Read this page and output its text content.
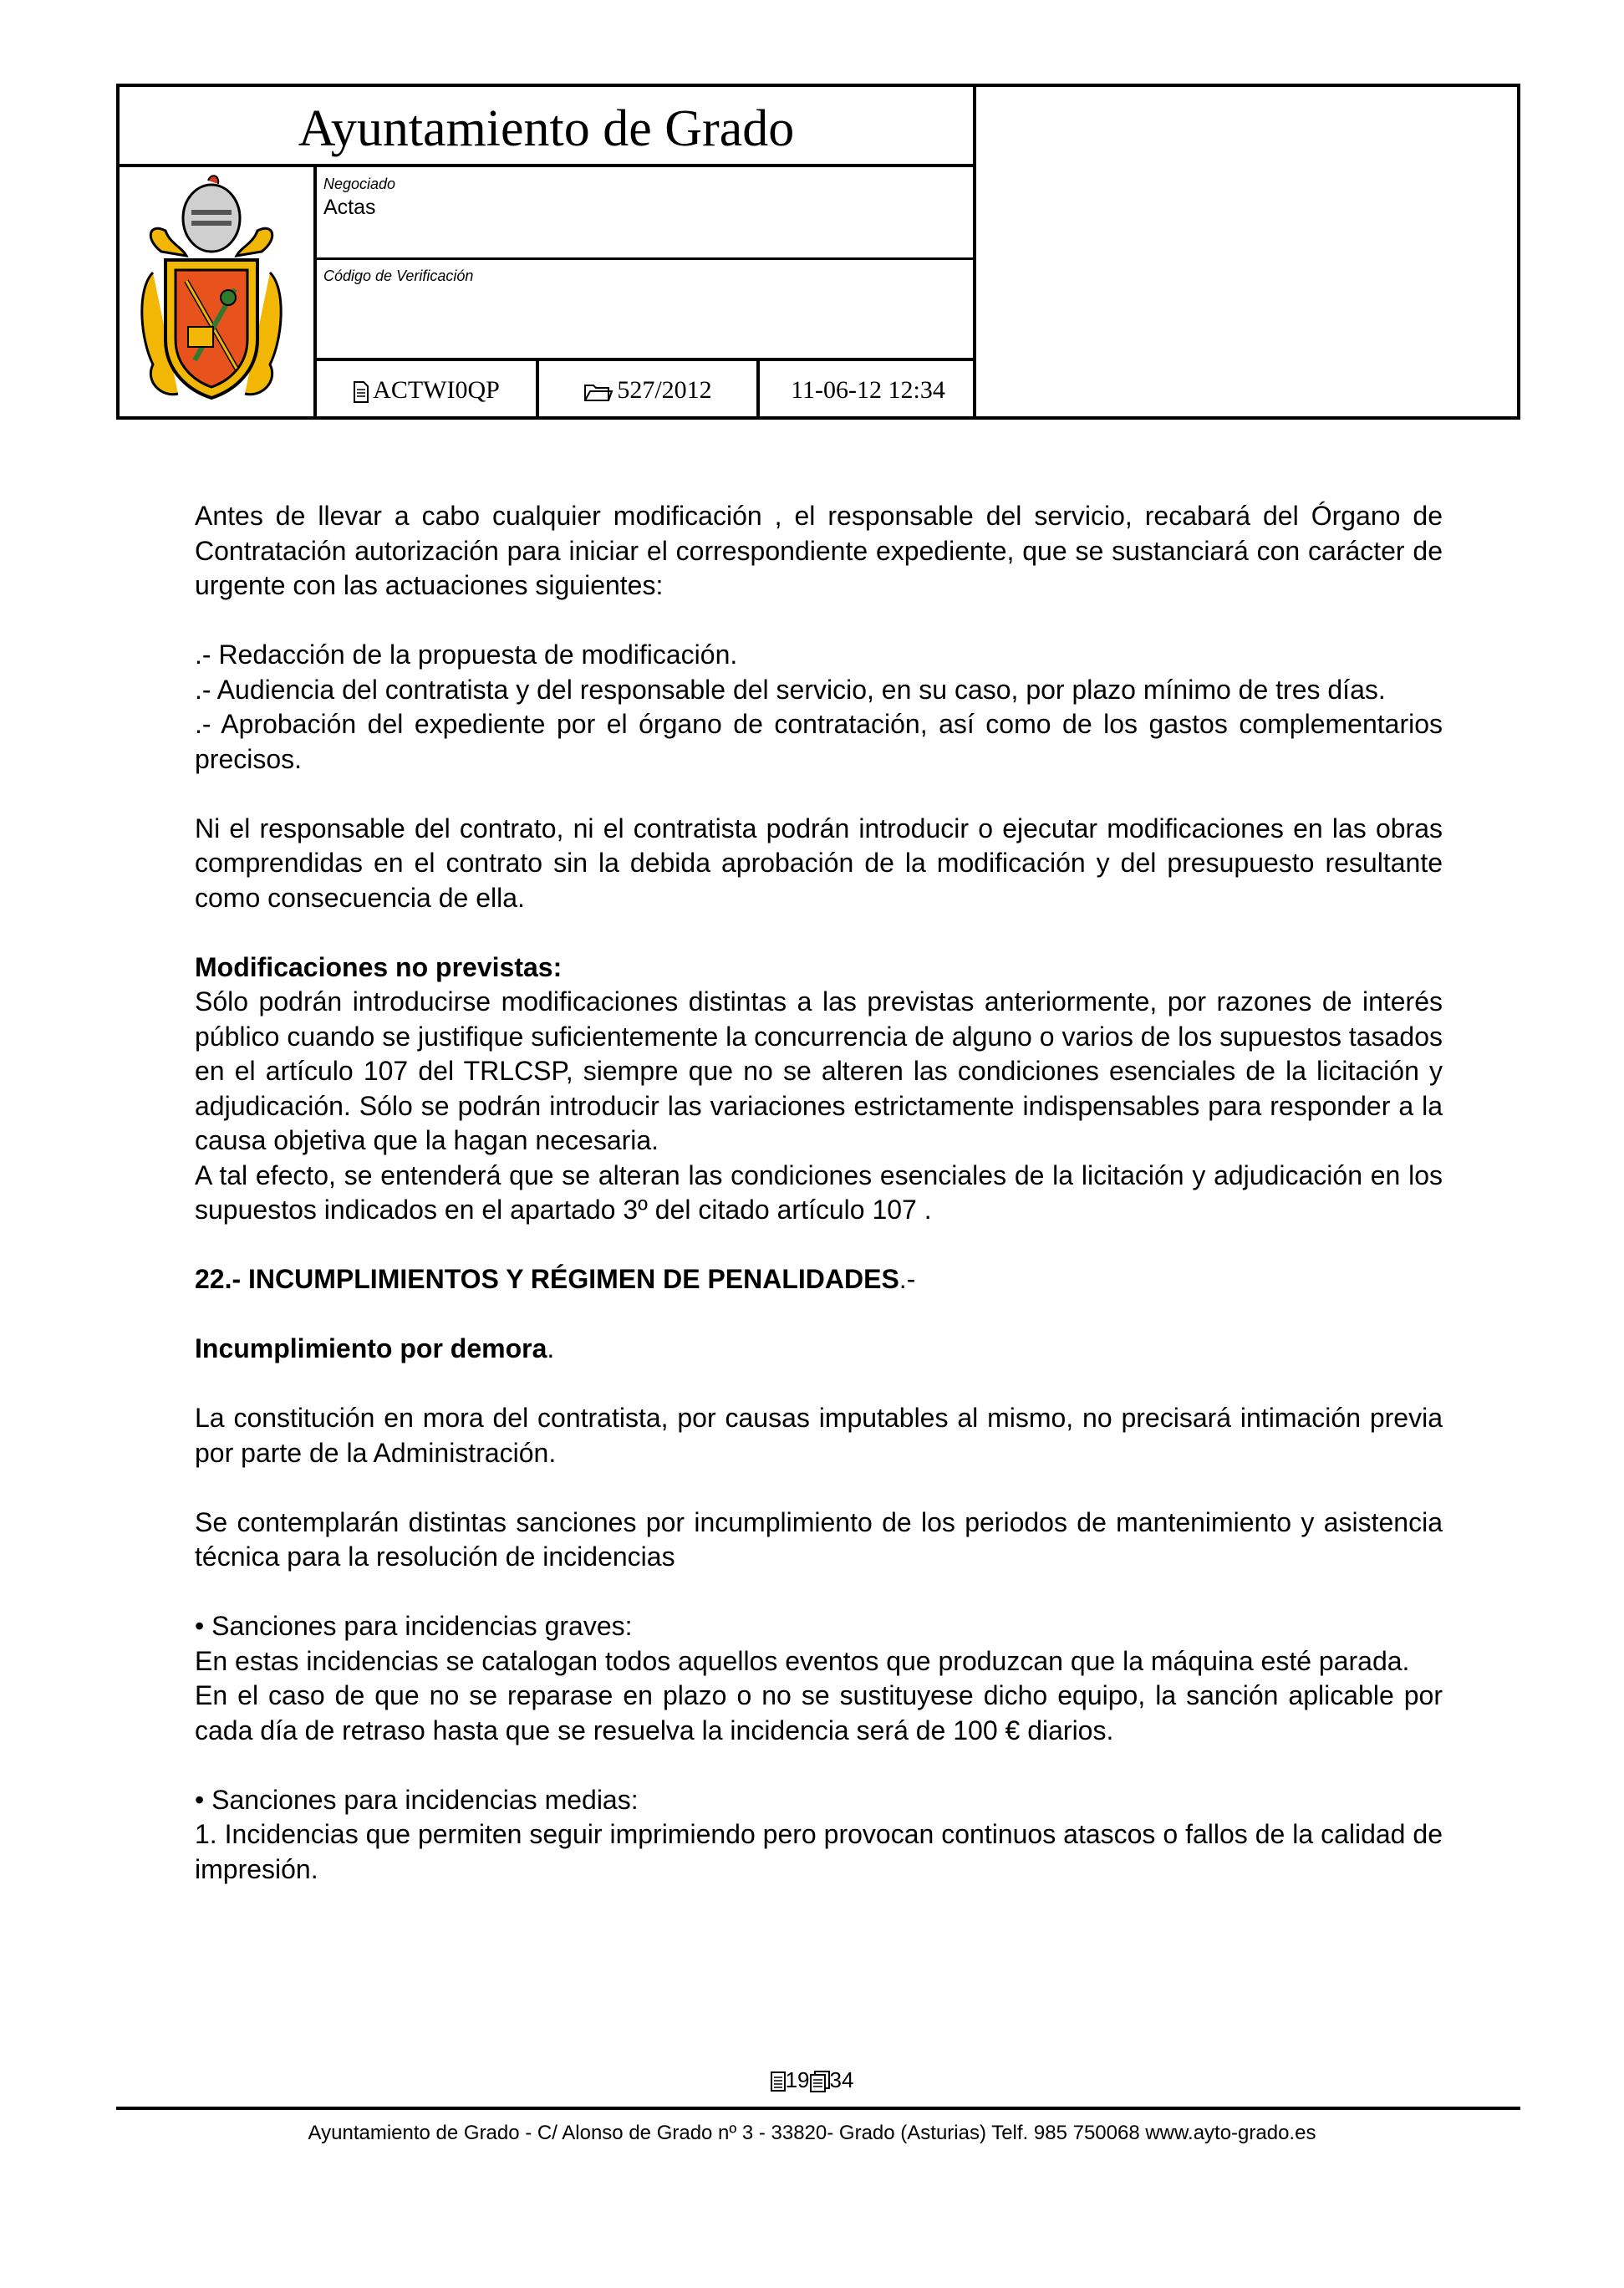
Ayuntamiento de Grado
Negociado
Actas
Código de Verificación
ACTWI0QP	527/2012	11-06-12 12:34

Antes de llevar a cabo cualquier modificación , el responsable del servicio, recabará del Órgano de Contratación autorización para iniciar el correspondiente expediente, que se sustanciará con carácter de urgente con las actuaciones siguientes:

.- Redacción de la propuesta de modificación.

.- Audiencia del contratista y del responsable del servicio, en su caso, por plazo mínimo de tres días.

.- Aprobación del expediente por el órgano de contratación, así como de los gastos complementarios precisos.

Ni el responsable del contrato, ni el contratista podrán introducir o ejecutar modificaciones en las obras comprendidas en el contrato sin la debida aprobación de la modificación y del presupuesto resultante como consecuencia de ella.

Modificaciones no previstas:

Sólo podrán introducirse modificaciones distintas a las previstas anteriormente, por razones de interés público cuando se justifique suficientemente la concurrencia de alguno o varios de los supuestos tasados en el artículo 107 del TRLCSP, siempre que no se alteren las condiciones esenciales de la licitación y adjudicación. Sólo se podrán introducir las variaciones estrictamente indispensables para responder a la causa objetiva que la hagan necesaria.

A tal efecto, se entenderá que se alteran las condiciones esenciales de la licitación y adjudicación en los supuestos indicados en el apartado 3º del citado artículo 107 .

22.- INCUMPLIMIENTOS Y RÉGIMEN DE PENALIDADES.-

Incumplimiento por demora.

La constitución en mora del contratista, por causas imputables al mismo, no precisará intimación previa por parte de la Administración.

Se contemplarán distintas sanciones por incumplimiento de los periodos de mantenimiento y asistencia técnica para la resolución de incidencias

• Sanciones para incidencias graves:

En estas incidencias se catalogan todos aquellos eventos que produzcan que la máquina esté parada.

En el caso de que no se reparase en plazo o no se sustituyese dicho equipo, la sanción aplicable por cada día de retraso hasta que se resuelva la incidencia será de 100 € diarios.

• Sanciones para incidencias medias:

1. Incidencias que permiten seguir imprimiendo pero provocan continuos atascos o fallos de la calidad de impresión.

19 34
Ayuntamiento de Grado - C/ Alonso de Grado nº 3 - 33820- Grado (Asturias) Telf. 985 750068 www.ayto-grado.es
